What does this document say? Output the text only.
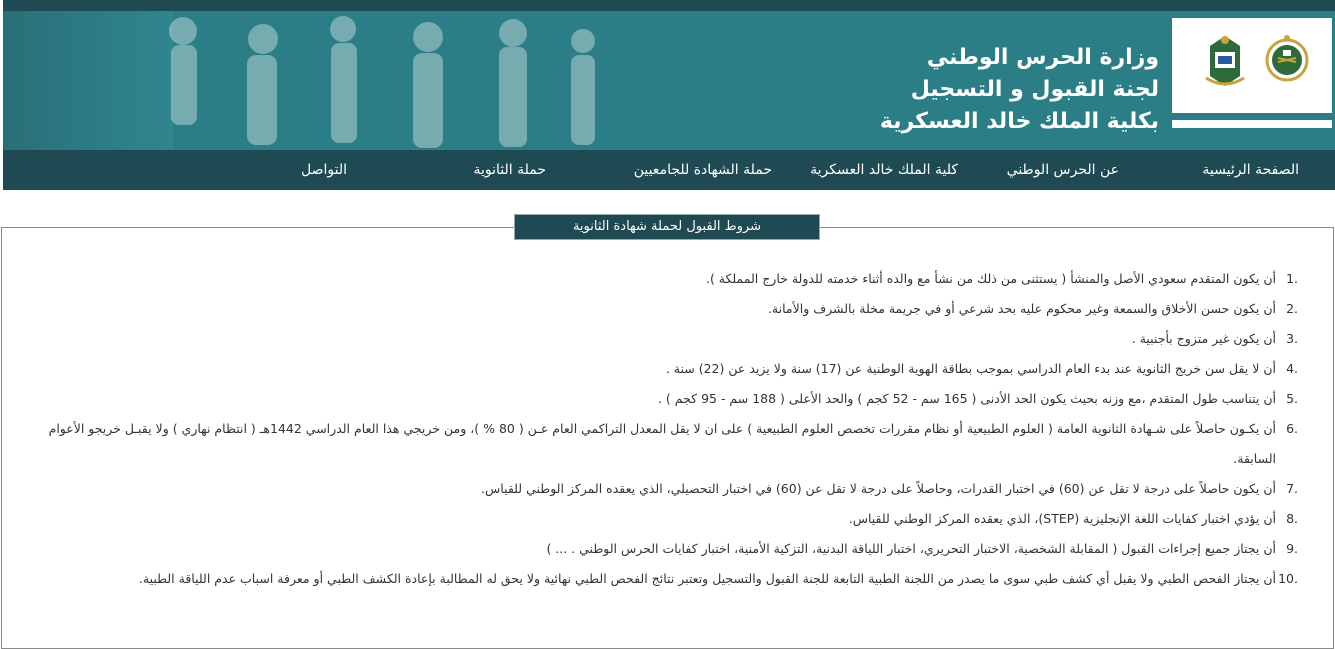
وزارة الحرس الوطني
لجنة القبول و التسجيل
بكلية الملك خالد العسكرية
الصفحة الرئيسية
عن الحرس الوطني
كلية الملك خالد العسكرية
حملة الشهادة للجامعيين
حملة الثانوية
التواصل
شروط القبول لحملة شهادة الثانوية
1.
أن يكون المتقدم سعودي الأصل والمنشأ ( يستثنى من ذلك من نشأ مع والده أثناء خدمته للدولة خارج المملكة ).
2.
أن يكون حسن الأخلاق والسمعة وغير محكوم عليه بحد شرعي أو في جريمة مخلة بالشرف والأمانة.
3.
أن يكون غير متزوج بأجنبية .
4.
أن لا يقل سن خريج الثانوية عند بدء العام الدراسي بموجب بطاقة الهوية الوطنية عن (17) سنة ولا يزيد عن (22) سنة .
5.
أن يتناسب طول المتقدم ،مع وزنه بحيث يكون الحد الأدنى ( 165 سم - 52 كجم ) والحد الأعلى ( 188 سم - 95 كجم ) .
6.
أن يكـون حاصلاً على شـهادة الثانوية العامة ( العلوم الطبيعية أو نظام مقررات تخصص العلوم الطبيعية ) على ان لا يقل المعدل التراكمي العام عـن ( 80 % )، ومن خريجي هذا العام الدراسي 1442هـ ( انتظام نهاري ) ولا يقبـل خريجو الأعوام السابقة.
7.
أن يكون حاصلاً على درجة لا تقل عن (60) في اختبار القدرات، وحاصلاً على درجة لا تقل عن (60) في اختبار التحصيلي، الذي يعقده المركز الوطني للقياس.
8.
أن يؤدي اختبار كفايات اللغة الإنجليزية (STEP)، الذي يعقده المركز الوطني للقياس.
9.
أن يجتاز جميع إجراءات القبول ( المقابلة الشخصية، الاختبار التحريري، اختبار اللياقة البدنية، التزكية الأمنية، اختبار كفايات الحرس الوطني . ... )
10.
أن يجتاز الفحص الطبي ولا يقبل أي كشف طبي سوى ما يصدر من اللجنة الطبية التابعة للجنة القبول والتسجيل وتعتبر نتائج الفحص الطبي نهائية ولا يحق له المطالبة بإعادة الكشف الطبي أو معرفة اسباب عدم اللياقة الطبية.
